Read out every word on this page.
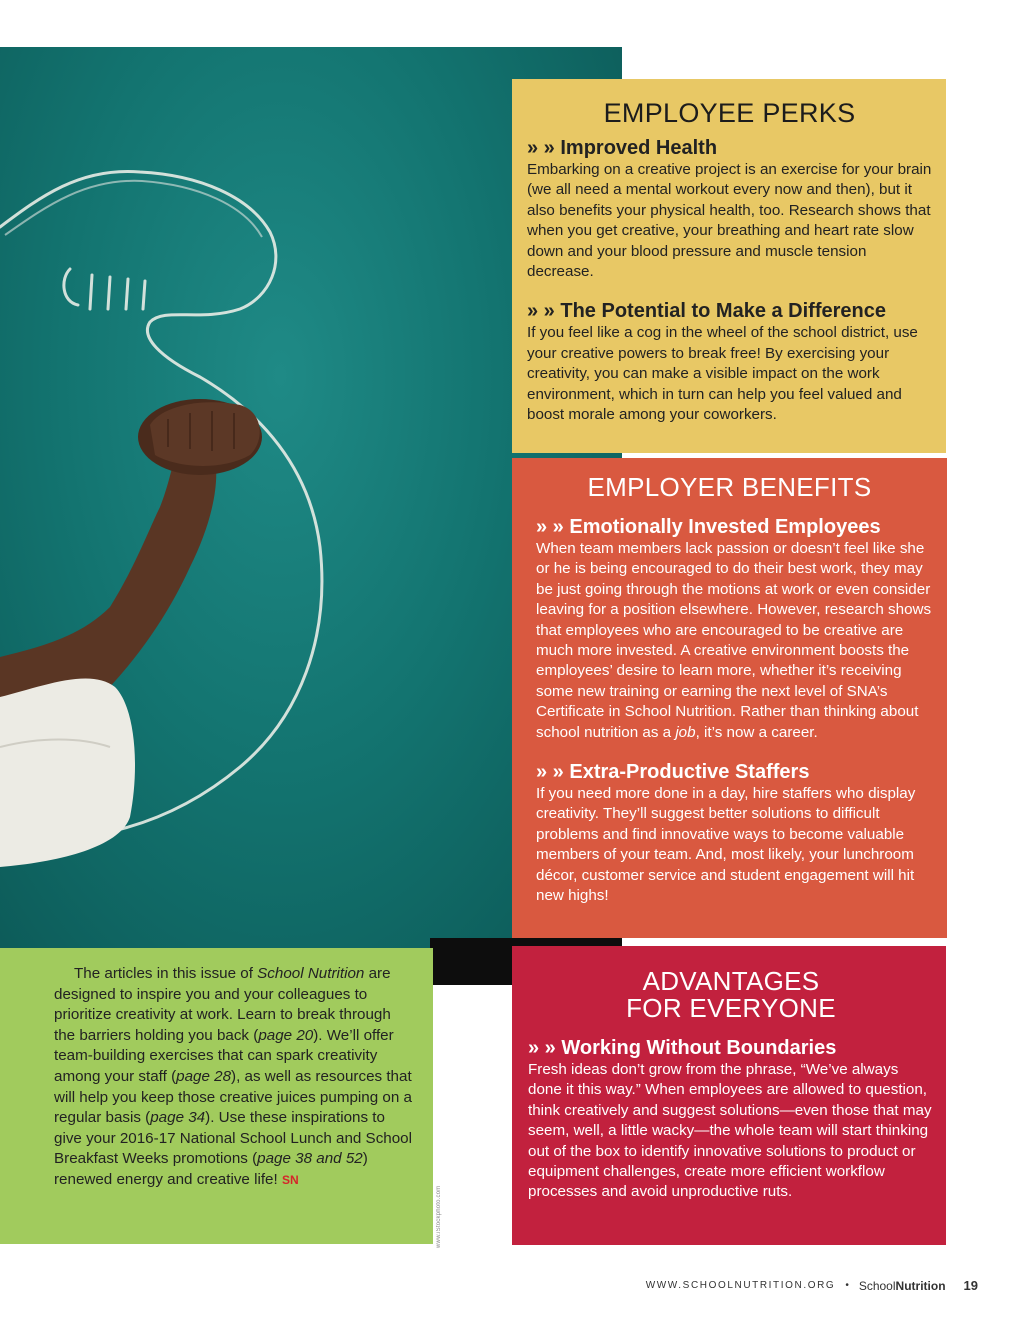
www.iStockphoto.com
EMPLOYEE PERKS
» » Improved Health

Embarking on a creative project is an exercise for your brain (we all need a mental workout every now and then), but it also benefits your physical health, too. Research shows that when you get creative, your breathing and heart rate slow down and your blood pressure and muscle tension decrease.

» » The Potential to Make a Difference

If you feel like a cog in the wheel of the school district, use your creative powers to break free! By exercising your creativity, you can make a visible impact on the work environment, which in turn can help you feel valued and boost morale among your coworkers.

EMPLOYER BENEFITS
» » Emotionally Invested Employees

When team members lack passion or doesn’t feel like she or he is being encouraged to do their best work, they may be just going through the motions at work or even consider leaving for a position elsewhere. However, research shows that employees who are encouraged to be creative are much more invested. A creative environment boosts the employees’ desire to learn more, whether it’s receiving some new training or earning the next level of SNA’s Certificate in School Nutrition. Rather than thinking about school nutrition as a job, it’s now a career.

» » Extra-Productive Staffers

If you need more done in a day, hire staffers who display creativity. They’ll suggest better solutions to difficult problems and find innovative ways to become valuable members of your team. And, most likely, your lunchroom décor, customer service and student engagement will hit new highs!

ADVANTAGES
FOR EVERYONE
» » Working Without Boundaries

Fresh ideas don’t grow from the phrase, “We’ve always done it this way.” When employees are allowed to question, think creatively and suggest solutions—even those that may seem, well, a little wacky—the whole team will start thinking out of the box to identify innovative solutions to product or equipment challenges, create more efficient workflow processes and avoid unproductive ruts.

The articles in this issue of School Nutrition are designed to inspire you and your colleagues to prioritize creativity at work. Learn to break through the barriers holding you back (page 20). We’ll offer team-building exercises that can spark creativity among your staff (page 28), as well as resources that will help you keep those creative juices pumping on a regular basis (page 34). Use these inspirations to give your 2016-17 National School Lunch and School Breakfast Weeks promotions (page 38 and 52) renewed energy and creative life! SN

WWW.SCHOOLNUTRITION.ORG • SchoolNutrition 19
